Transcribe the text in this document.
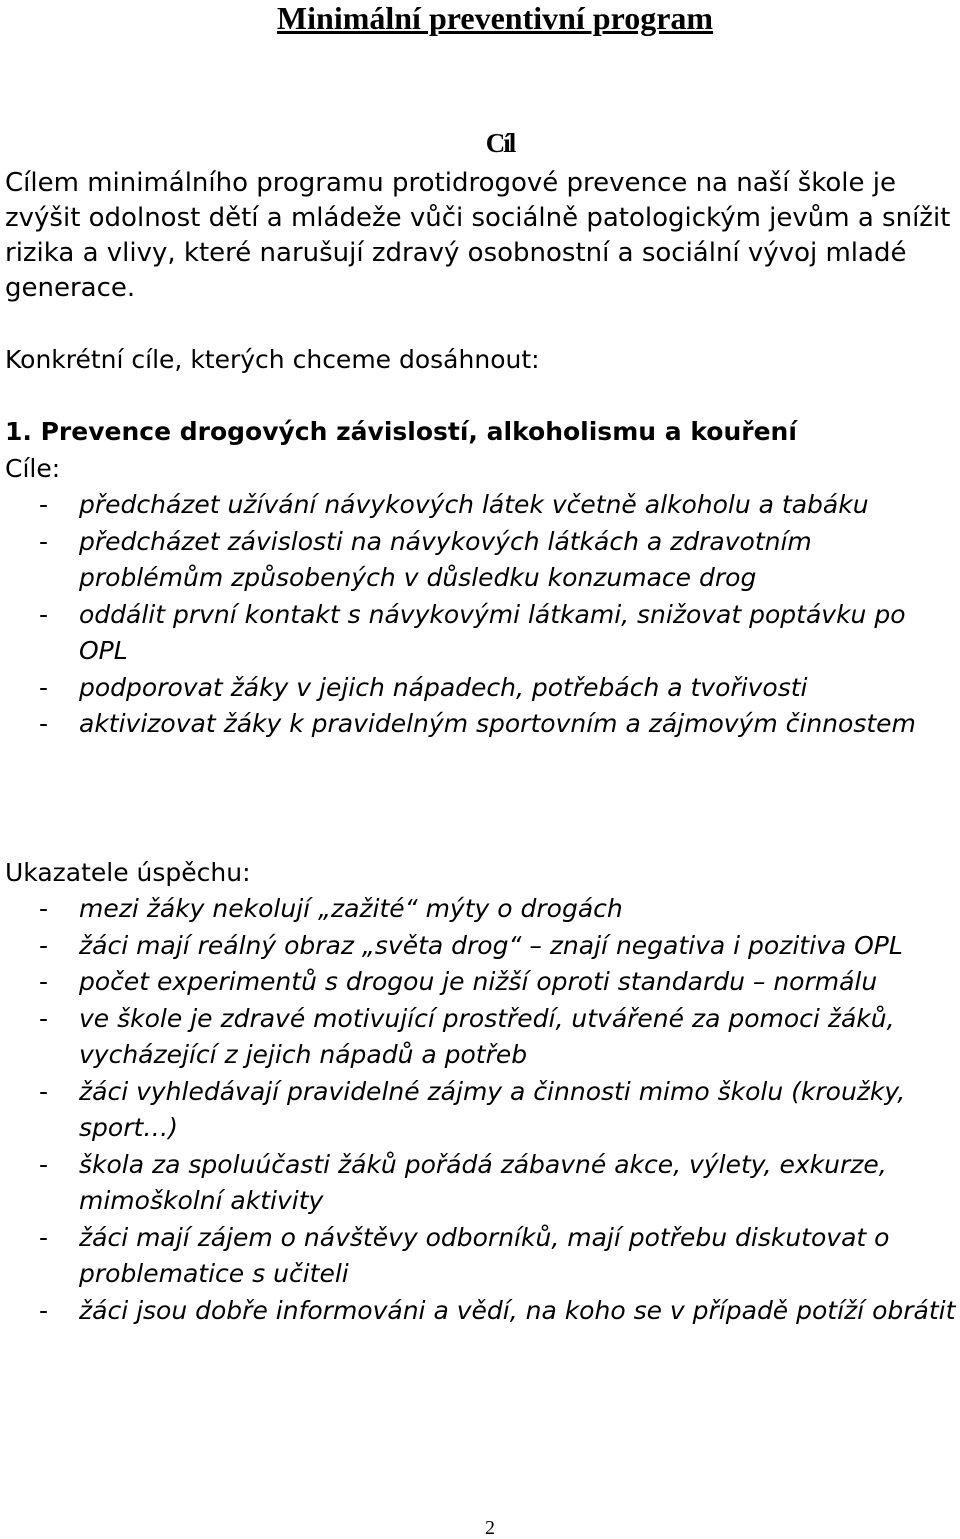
Minimální preventivní program
Cíl

Cílem minimálního programu protidrogové prevence na naší škole je zvýšit odolnost dětí a mládeže vůči sociálně patologickým jevům a snížit rizika a vlivy, které narušují zdravý osobnostní a sociální vývoj mladé generace.

Konkrétní cíle, kterých chceme dosáhnout:
1. Prevence drogových závislostí, alkoholismu a kouření
Cíle:
- předcházet užívání návykových látek včetně alkoholu a tabáku
- předcházet závislosti na návykových látkách a zdravotním problémům způsobených v důsledku konzumace drog
- oddálit první kontakt s návykovými látkami, snižovat poptávku po OPL
- podporovat žáky v jejich nápadech, potřebách a tvořivosti
- aktivizovat žáky k pravidelným sportovním a zájmovým činnostem
Ukazatele úspěchu:
- mezi žáky nekolují „zažité“ mýty o drogách
- žáci mají reálný obraz „světa drog“ – znají negativa i pozitiva OPL
- počet experimentů s drogou je nižší oproti standardu – normálu
- ve škole je zdravé motivující prostředí, utvářené za pomoci žáků, vycházející z jejich nápadů a potřeb
- žáci vyhledávají pravidelné zájmy a činnosti mimo školu (kroužky, sport…)
- škola za spoluúčasti žáků pořádá zábavné akce, výlety, exkurze, mimoškolní aktivity
- žáci mají zájem o návštěvy odborníků, mají potřebu diskutovat o problematice s učiteli
- žáci jsou dobře informováni a vědí, na koho se v případě potíží obrátit
2
